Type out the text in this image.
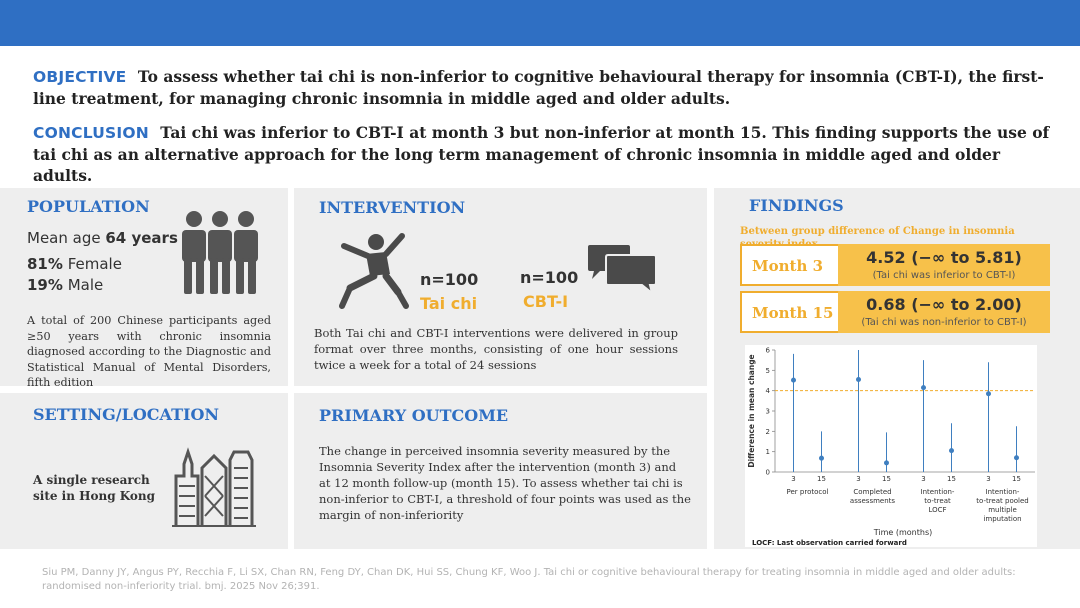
OBJECTIVE To assess whether tai chi is non-inferior to cognitive behavioural therapy for insomnia (CBT-I), the first-line treatment, for managing chronic insomnia in middle aged and older adults.

CONCLUSION Tai chi was inferior to CBT-I at month 3 but non-inferior at month 15. This finding supports the use of tai chi as an alternative approach for the long term management of chronic insomnia in middle aged and older adults.

POPULATION
Mean age 64 years
81% Female
19% Male
A total of 200 Chinese participants aged ≥50 years with chronic insomnia diagnosed according to the Diagnostic and Statistical Manual of Mental Disorders, fifth edition
INTERVENTION
n=100
Tai chi
n=100
CBT-I
Both Tai chi and CBT-I interventions were delivered in group format over three months, consisting of one hour sessions twice a week for a total of 24 sessions
SETTING/LOCATION
A single research site in Hong Kong
PRIMARY OUTCOME
The change in perceived insomnia severity measured by the Insomnia Severity Index after the intervention (month 3) and at 12 month follow-up (month 15). To assess whether tai chi is non-inferior to CBT-I, a threshold of four points was used as the margin of non-inferiority
FINDINGS
Between group difference of Change in insomnia
Month 3	4.52 (−∞ to 5.81)
(Tai chi was inferior to CBT-I)
Month 15	0.68 (−∞ to 2.00)
(Tai chi was non-inferior to CBT-I)
0
1
2
3
4
5
6
3	15
Per protocol
3	15
Completed assessments
3	15
Intention-to-treat LOCF
3	15
Intention-to-treat pooled multiple imputation
Difference in mean change
Time (months)
LOCF: Last observation carried forward
Siu PM, Danny JY, Angus PY, Recchia F, Li SX, Chan RN, Feng DY, Chan DK, Hui SS, Chung KF, Woo J. Tai chi or cognitive behavioural therapy for treating insomnia in middle aged and older adults: randomised non-inferiority trial. bmj. 2025 Nov 26;391.
